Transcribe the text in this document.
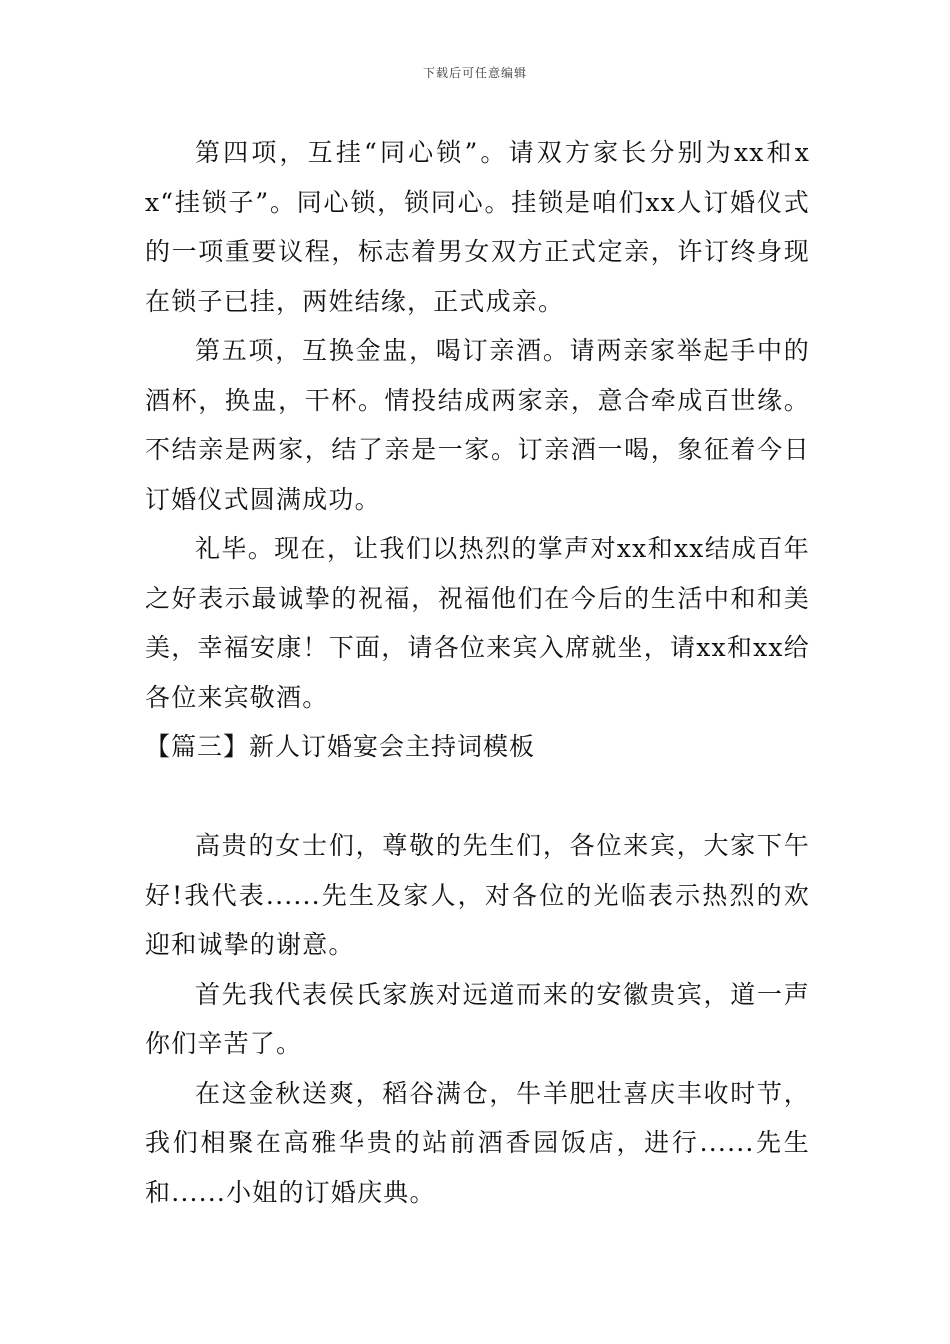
下载后可任意编辑

第四项，互挂“同心锁”。请双方家长分别为xx和xx“挂锁子”。同心锁，锁同心。挂锁是咱们xx人订婚仪式的一项重要议程，标志着男女双方正式定亲，许订终身现在锁子已挂，两姓结缘，正式成亲。

第五项，互换金盅，喝订亲酒。请两亲家举起手中的酒杯，换盅，干杯。情投结成两家亲，意合牵成百世缘。不结亲是两家，结了亲是一家。订亲酒一喝，象征着今日订婚仪式圆满成功。

礼毕。现在，让我们以热烈的掌声对xx和xx结成百年之好表示最诚挚的祝福，祝福他们在今后的生活中和和美美，幸福安康！下面，请各位来宾入席就坐，请xx和xx给各位来宾敬酒。

【篇三】新人订婚宴会主持词模板

高贵的女士们，尊敬的先生们，各位来宾，大家下午好!我代表......先生及家人，对各位的光临表示热烈的欢迎和诚挚的谢意。

首先我代表侯氏家族对远道而来的安徽贵宾，道一声你们辛苦了。

在这金秋送爽，稻谷满仓，牛羊肥壮喜庆丰收时节，我们相聚在高雅华贵的站前酒香园饭店，进行......先生和......小姐的订婚庆典。
